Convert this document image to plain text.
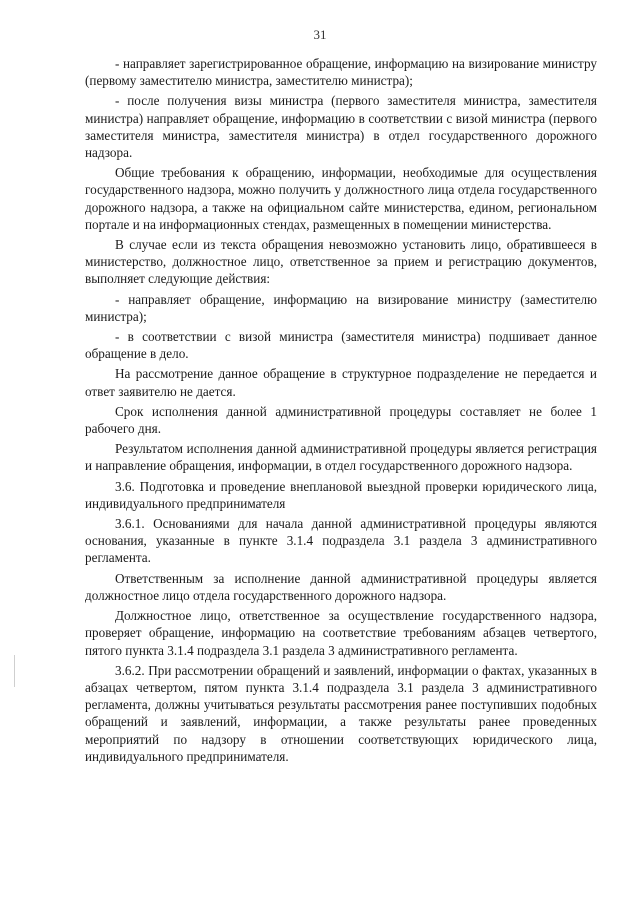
31

- направляет зарегистрированное обращение, информацию на визирование министру (первому заместителю министра, заместителю министра);

- после получения визы министра (первого заместителя министра, заместителя министра) направляет обращение, информацию в соответствии с визой министра (первого заместителя министра, заместителя министра) в отдел государственного дорожного надзора.

Общие требования к обращению, информации, необходимые для осуществления государственного надзора, можно получить у должностного лица отдела государственного дорожного надзора, а также на официальном сайте министерства, едином, региональном портале и на информационных стендах, размещенных в помещении министерства.

В случае если из текста обращения невозможно установить лицо, обратившееся в министерство, должностное лицо, ответственное за прием и регистрацию документов, выполняет следующие действия:

- направляет обращение, информацию на визирование министру (заместителю министра);

- в соответствии с визой министра (заместителя министра) подшивает данное обращение в дело.

На рассмотрение данное обращение в структурное подразделение не передается и ответ заявителю не дается.

Срок исполнения данной административной процедуры составляет не более 1 рабочего дня.

Результатом исполнения данной административной процедуры является регистрация и направление обращения, информации, в отдел государственного дорожного надзора.

3.6. Подготовка и проведение внеплановой выездной проверки юридического лица, индивидуального предпринимателя

3.6.1. Основаниями для начала данной административной процедуры являются основания, указанные в пункте 3.1.4 подраздела 3.1 раздела 3 административного регламента.

Ответственным за исполнение данной административной процедуры является должностное лицо отдела государственного дорожного надзора.

Должностное лицо, ответственное за осуществление государственного надзора, проверяет обращение, информацию на соответствие требованиям абзацев четвертого, пятого пункта 3.1.4 подраздела 3.1 раздела 3 административного регламента.

3.6.2. При рассмотрении обращений и заявлений, информации о фактах, указанных в абзацах четвертом, пятом пункта 3.1.4 подраздела 3.1 раздела 3 административного регламента, должны учитываться результаты рассмотрения ранее поступивших подобных обращений и заявлений, информации, а также результаты ранее проведенных мероприятий по надзору в отношении соответствующих юридического лица, индивидуального предпринимателя.
